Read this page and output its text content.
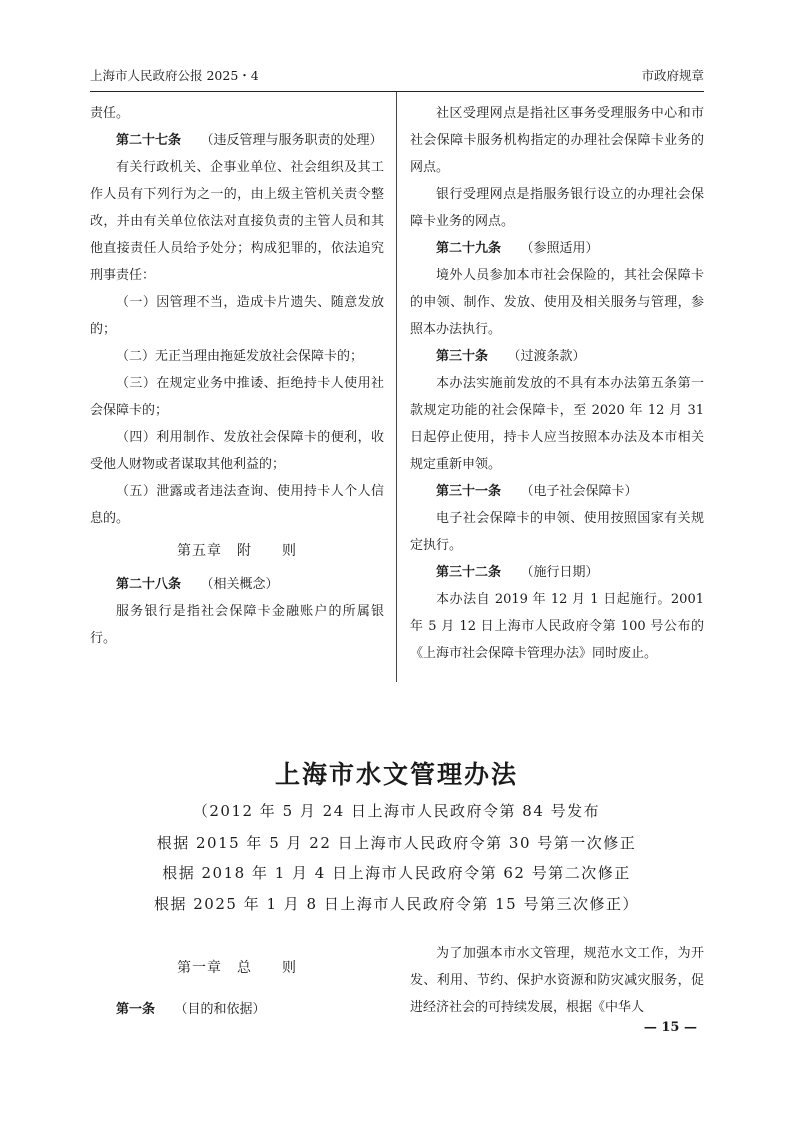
上海市人民政府公报 2025・4	市政府规章

责任。

第二十七条 （违反管理与服务职责的处理）

有关行政机关、企事业单位、社会组织及其工作人员有下列行为之一的，由上级主管机关责令整改，并由有关单位依法对直接负责的主管人员和其他直接责任人员给予处分；构成犯罪的，依法追究刑事责任：

（一）因管理不当，造成卡片遗失、随意发放的；

（二）无正当理由拖延发放社会保障卡的；

（三）在规定业务中推诿、拒绝持卡人使用社会保障卡的；

（四）利用制作、发放社会保障卡的便利，收受他人财物或者谋取其他利益的；

（五）泄露或者违法查询、使用持卡人个人信息的。

第五章　附　　则

第二十八条 （相关概念）

服务银行是指社会保障卡金融账户的所属银行。

社区受理网点是指社区事务受理服务中心和市社会保障卡服务机构指定的办理社会保障卡业务的网点。

银行受理网点是指服务银行设立的办理社会保障卡业务的网点。

第二十九条 （参照适用）

境外人员参加本市社会保险的，其社会保障卡的申领、制作、发放、使用及相关服务与管理，参照本办法执行。

第三十条 （过渡条款）

本办法实施前发放的不具有本办法第五条第一款规定功能的社会保障卡，至 2020 年 12 月 31 日起停止使用，持卡人应当按照本办法及本市相关规定重新申领。

第三十一条 （电子社会保障卡）

电子社会保障卡的申领、使用按照国家有关规定执行。

第三十二条 （施行日期）

本办法自 2019 年 12 月 1 日起施行。2001 年 5 月 12 日上海市人民政府令第 100 号公布的《上海市社会保障卡管理办法》同时废止。

上海市水文管理办法
（2012 年 5 月 24 日上海市人民政府令第 84 号发布
根据 2015 年 5 月 22 日上海市人民政府令第 30 号第一次修正
根据 2018 年 1 月 4 日上海市人民政府令第 62 号第二次修正
根据 2025 年 1 月 8 日上海市人民政府令第 15 号第三次修正）

第一章　总　　则

第一条 （目的和依据）

为了加强本市水文管理，规范水文工作，为开发、利用、节约、保护水资源和防灾减灾服务，促进经济社会的可持续发展，根据《中华人

— 15 —
